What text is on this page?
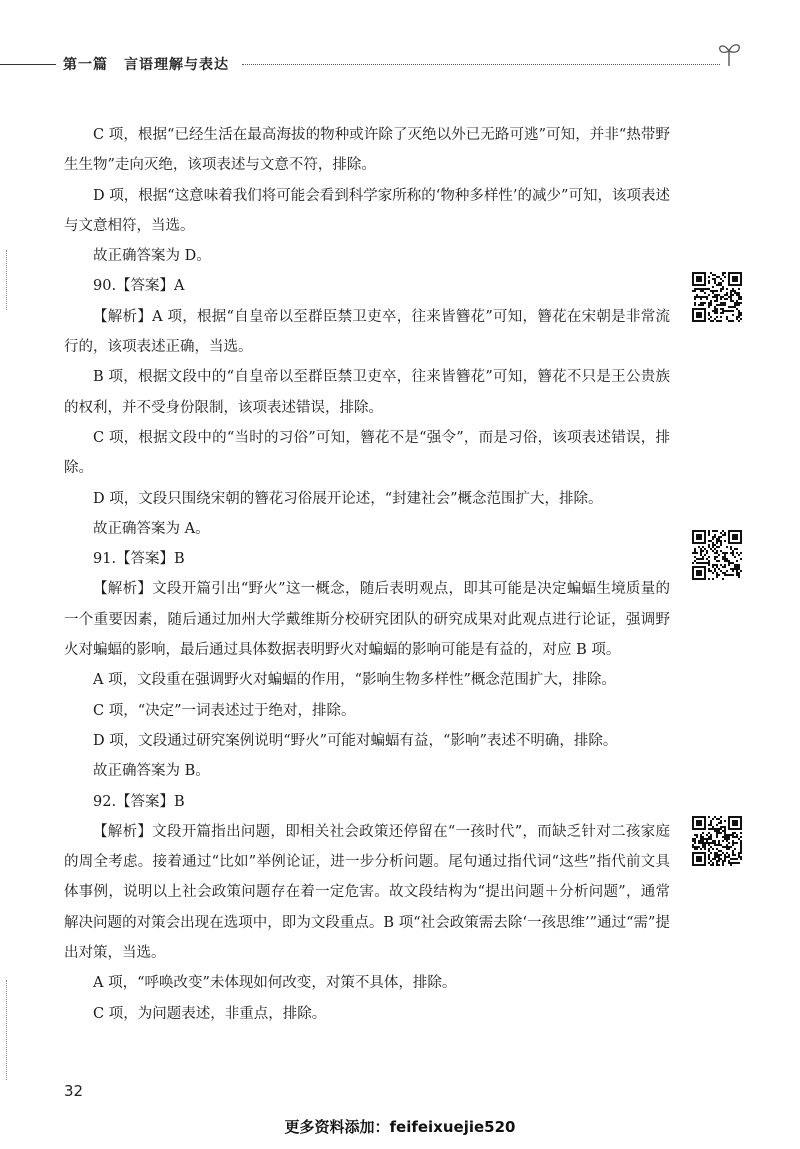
第一篇 言语理解与表达

C 项，根据“已经生活在最高海拔的物种或许除了灭绝以外已无路可逃”可知，并非“热带野生生物”走向灭绝，该项表述与文意不符，排除。

D 项，根据“这意味着我们将可能会看到科学家所称的‘物种多样性’的减少”可知，该项表述与文意相符，当选。

故正确答案为 D。

90.【答案】A

【解析】A 项，根据“自皇帝以至群臣禁卫吏卒，往来皆簪花”可知，簪花在宋朝是非常流行的，该项表述正确，当选。

B 项，根据文段中的“自皇帝以至群臣禁卫吏卒，往来皆簪花”可知，簪花不只是王公贵族的权利，并不受身份限制，该项表述错误，排除。

C 项，根据文段中的“当时的习俗”可知，簪花不是“强令”，而是习俗，该项表述错误，排除。

D 项，文段只围绕宋朝的簪花习俗展开论述，“封建社会”概念范围扩大，排除。

故正确答案为 A。

91.【答案】B

【解析】文段开篇引出“野火”这一概念，随后表明观点，即其可能是决定蝙蝠生境质量的一个重要因素，随后通过加州大学戴维斯分校研究团队的研究成果对此观点进行论证，强调野火对蝙蝠的影响，最后通过具体数据表明野火对蝙蝠的影响可能是有益的，对应 B 项。

A 项，文段重在强调野火对蝙蝠的作用，“影响生物多样性”概念范围扩大，排除。

C 项，“决定”一词表述过于绝对，排除。

D 项，文段通过研究案例说明“野火”可能对蝙蝠有益，“影响”表述不明确，排除。

故正确答案为 B。

92.【答案】B

【解析】文段开篇指出问题，即相关社会政策还停留在“一孩时代”，而缺乏针对二孩家庭的周全考虑。接着通过“比如”举例论证，进一步分析问题。尾句通过指代词“这些”指代前文具体事例，说明以上社会政策问题存在着一定危害。故文段结构为“提出问题＋分析问题”，通常解决问题的对策会出现在选项中，即为文段重点。B 项“社会政策需去除‘一孩思维’”通过“需”提出对策，当选。

A 项，“呼唤改变”未体现如何改变，对策不具体，排除。

C 项，为问题表述，非重点，排除。

32
更多资料添加：feifeixuejie520
